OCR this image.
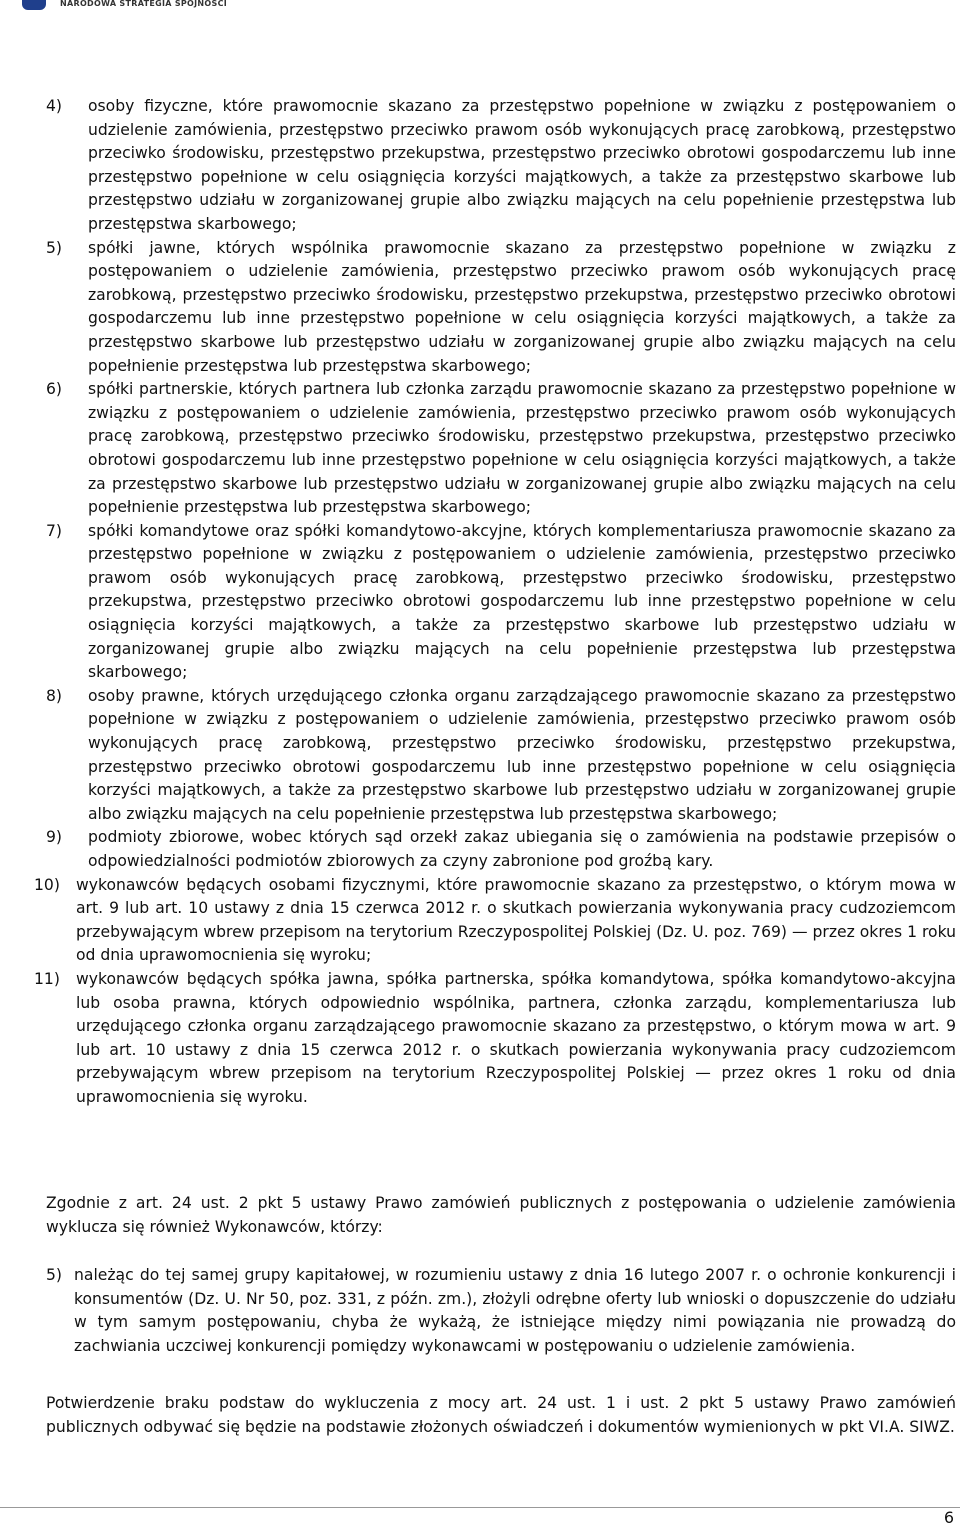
NARODOWA STRATEGIA SPÓJNOŚCI
4)	osoby fizyczne, które prawomocnie skazano za przestępstwo popełnione w związku z postępowaniem o udzielenie zamówienia, przestępstwo przeciwko prawom osób wykonujących pracę zarobkową, przestępstwo przeciwko środowisku, przestępstwo przekupstwa, przestępstwo przeciwko obrotowi gospodarczemu lub inne przestępstwo popełnione w celu osiągnięcia korzyści majątkowych, a także za przestępstwo skarbowe lub przestępstwo udziału w zorganizowanej grupie albo związku mających na celu popełnienie przestępstwa lub przestępstwa skarbowego;
5)	spółki jawne, których wspólnika prawomocnie skazano za przestępstwo popełnione w związku z postępowaniem o udzielenie zamówienia, przestępstwo przeciwko prawom osób wykonujących pracę zarobkową, przestępstwo przeciwko środowisku, przestępstwo przekupstwa, przestępstwo przeciwko obrotowi gospodarczemu lub inne przestępstwo popełnione w celu osiągnięcia korzyści majątkowych, a także za przestępstwo skarbowe lub przestępstwo udziału w zorganizowanej grupie albo związku mających na celu popełnienie przestępstwa lub przestępstwa skarbowego;
6)	spółki partnerskie, których partnera lub członka zarządu prawomocnie skazano za przestępstwo popełnione w związku z postępowaniem o udzielenie zamówienia, przestępstwo przeciwko prawom osób wykonujących pracę zarobkową, przestępstwo przeciwko środowisku, przestępstwo przekupstwa, przestępstwo przeciwko obrotowi gospodarczemu lub inne przestępstwo popełnione w celu osiągnięcia korzyści majątkowych, a także za przestępstwo skarbowe lub przestępstwo udziału w zorganizowanej grupie albo związku mających na celu popełnienie przestępstwa lub przestępstwa skarbowego;
7)	spółki komandytowe oraz spółki komandytowo-akcyjne, których komplementariusza prawomocnie skazano za przestępstwo popełnione w związku z postępowaniem o udzielenie zamówienia, przestępstwo przeciwko prawom osób wykonujących pracę zarobkową, przestępstwo przeciwko środowisku, przestępstwo przekupstwa, przestępstwo przeciwko obrotowi gospodarczemu lub inne przestępstwo popełnione w celu osiągnięcia korzyści majątkowych, a także za przestępstwo skarbowe lub przestępstwo udziału w zorganizowanej grupie albo związku mających na celu popełnienie przestępstwa lub przestępstwa skarbowego;
8)	osoby prawne, których urzędującego członka organu zarządzającego prawomocnie skazano za przestępstwo popełnione w związku z postępowaniem o udzielenie zamówienia, przestępstwo przeciwko prawom osób wykonujących pracę zarobkową, przestępstwo przeciwko środowisku, przestępstwo przekupstwa, przestępstwo przeciwko obrotowi gospodarczemu lub inne przestępstwo popełnione w celu osiągnięcia korzyści majątkowych, a także za przestępstwo skarbowe lub przestępstwo udziału w zorganizowanej grupie albo związku mających na celu popełnienie przestępstwa lub przestępstwa skarbowego;
9)	podmioty zbiorowe, wobec których sąd orzekł zakaz ubiegania się o zamówienia na podstawie przepisów o odpowiedzialności podmiotów zbiorowych za czyny zabronione pod groźbą kary.
10)	wykonawców będących osobami fizycznymi, które prawomocnie skazano za przestępstwo, o którym mowa w art. 9 lub art. 10 ustawy z dnia 15 czerwca 2012 r. o skutkach powierzania wykonywania pracy cudzoziemcom przebywającym wbrew przepisom na terytorium Rzeczypospolitej Polskiej (Dz. U. poz. 769) — przez okres 1 roku od dnia uprawomocnienia się wyroku;
11)	wykonawców będących spółka jawna, spółka partnerska, spółka komandytowa, spółka komandytowo-akcyjna lub osoba prawna, których odpowiednio wspólnika, partnera, członka zarządu, komplementariusza lub urzędującego członka organu zarządzającego prawomocnie skazano za przestępstwo, o którym mowa w art. 9 lub art. 10 ustawy z dnia 15 czerwca 2012 r. o skutkach powierzania wykonywania pracy cudzoziemcom przebywającym wbrew przepisom na terytorium Rzeczypospolitej Polskiej — przez okres 1 roku od dnia uprawomocnienia się wyroku.
Zgodnie z art. 24 ust. 2 pkt 5 ustawy Prawo zamówień publicznych z postępowania o udzielenie zamówienia wyklucza się również Wykonawców, którzy:
5) należąc do tej samej grupy kapitałowej, w rozumieniu ustawy z dnia 16 lutego 2007 r. o ochronie konkurencji i konsumentów (Dz. U. Nr 50, poz. 331, z późn. zm.), złożyli odrębne oferty lub wnioski o dopuszczenie do udziału w tym samym postępowaniu, chyba że wykażą, że istniejące między nimi powiązania nie prowadzą do zachwiania uczciwej konkurencji pomiędzy wykonawcami w postępowaniu o udzielenie zamówienia.
Potwierdzenie braku podstaw do wykluczenia z mocy art. 24 ust. 1 i ust. 2 pkt 5 ustawy Prawo zamówień publicznych odbywać się będzie na podstawie złożonych oświadczeń i dokumentów wymienionych w pkt VI.A. SIWZ.
6
